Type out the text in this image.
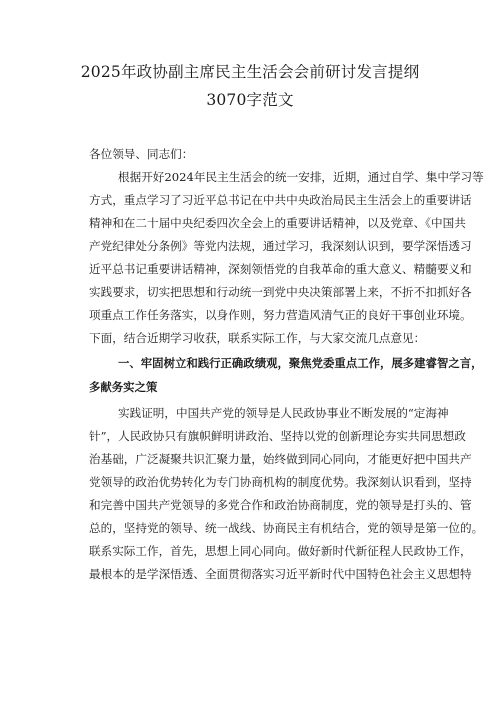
2025年政协副主席民主生活会会前研讨发言提纲
3070字范文
各位领导、同志们：
根据开好2024年民主生活会的统一安排，近期，通过自学、集中学习等
方式，重点学习了习近平总书记在中共中央政治局民主生活会上的重要讲话
精神和在二十届中央纪委四次全会上的重要讲话精神，以及党章、《中国共
产党纪律处分条例》等党内法规，通过学习，我深刻认识到，要学深悟透习
近平总书记重要讲话精神，深刻领悟党的自我革命的重大意义、精髓要义和
实践要求，切实把思想和行动统一到党中央决策部署上来，不折不扣抓好各
项重点工作任务落实，以身作则，努力营造风清气正的良好干事创业环境。
下面，结合近期学习收获，联系实际工作，与大家交流几点意见：
一、牢固树立和践行正确政绩观，聚焦党委重点工作，展多建睿智之言，
多献务实之策
实践证明，中国共产党的领导是人民政协事业不断发展的“定海神
针”，人民政协只有旗帜鲜明讲政治、坚持以党的创新理论夯实共同思想政
治基础，广泛凝聚共识汇聚力量，始终做到同心同向，才能更好把中国共产
党领导的政治优势转化为专门协商机构的制度优势。我深刻认识看到，坚持
和完善中国共产党领导的多党合作和政治协商制度，党的领导是打头的、管
总的，坚持党的领导、统一战线、协商民主有机结合，党的领导是第一位的。
联系实际工作，首先，思想上同心同向。做好新时代新征程人民政协工作，
最根本的是学深悟透、全面贯彻落实习近平新时代中国特色社会主义思想特
